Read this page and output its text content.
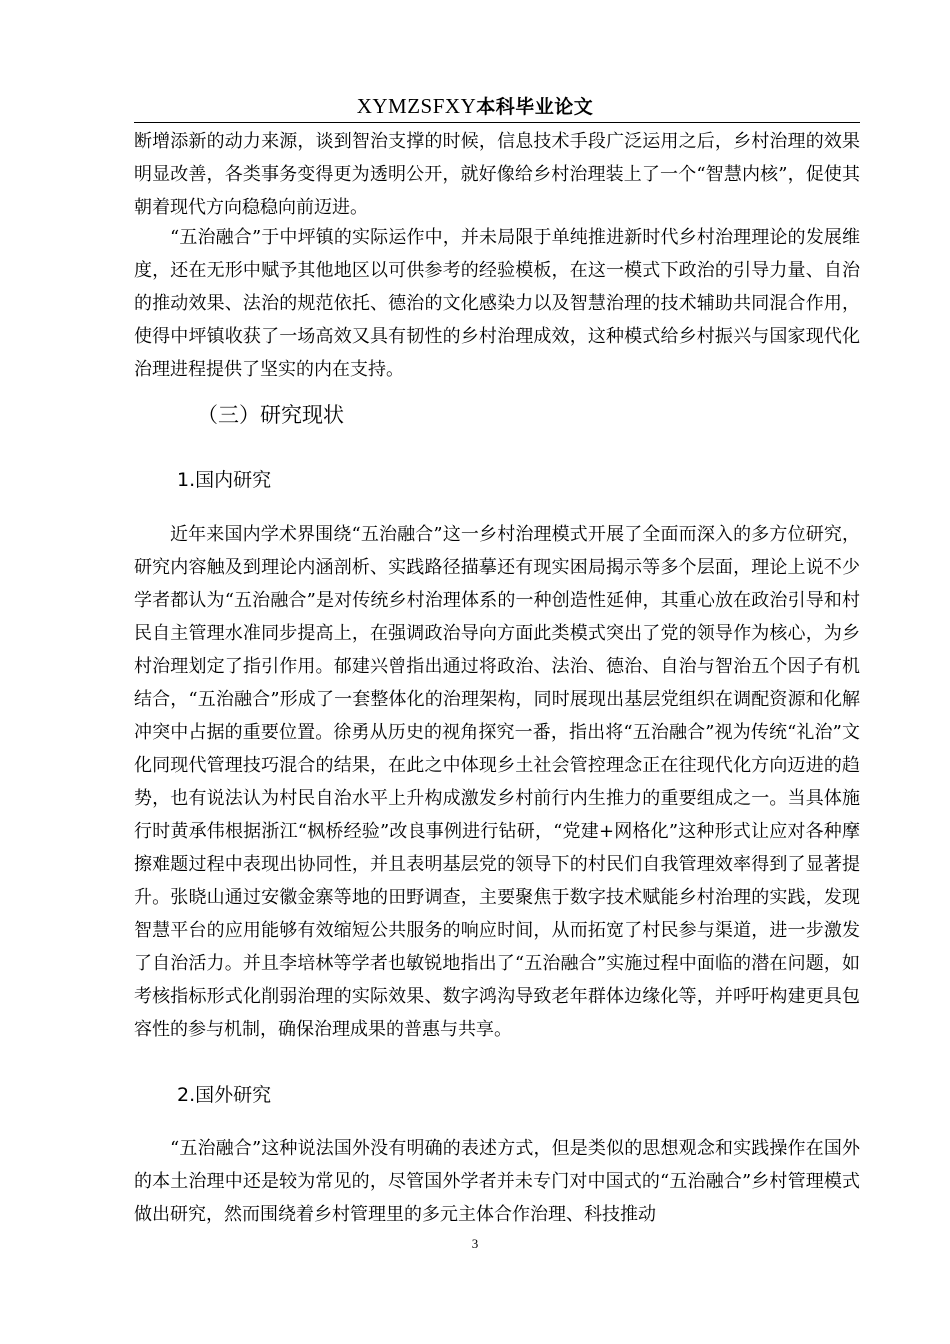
XYMZSFXY本科毕业论文

断增添新的动力来源，谈到智治支撑的时候，信息技术手段广泛运用之后，乡村治理的效果明显改善，各类事务变得更为透明公开，就好像给乡村治理装上了一个“智慧内核”，促使其朝着现代方向稳稳向前迈进。

“五治融合”于中坪镇的实际运作中，并未局限于单纯推进新时代乡村治理理论的发展维度，还在无形中赋予其他地区以可供参考的经验模板，在这一模式下政治的引导力量、自治的推动效果、法治的规范依托、德治的文化感染力以及智慧治理的技术辅助共同混合作用，使得中坪镇收获了一场高效又具有韧性的乡村治理成效，这种模式给乡村振兴与国家现代化治理进程提供了坚实的内在支持。

（三）研究现状
1.国内研究

近年来国内学术界围绕“五治融合”这一乡村治理模式开展了全面而深入的多方位研究，研究内容触及到理论内涵剖析、实践路径描摹还有现实困局揭示等多个层面，理论上说不少学者都认为“五治融合”是对传统乡村治理体系的一种创造性延伸，其重心放在政治引导和村民自主管理水准同步提高上，在强调政治导向方面此类模式突出了党的领导作为核心，为乡村治理划定了指引作用。郁建兴曾指出通过将政治、法治、德治、自治与智治五个因子有机结合，“五治融合”形成了一套整体化的治理架构，同时展现出基层党组织在调配资源和化解冲突中占据的重要位置。徐勇从历史的视角探究一番，指出将“五治融合”视为传统“礼治”文化同现代管理技巧混合的结果，在此之中体现乡土社会管控理念正在往现代化方向迈进的趋势，也有说法认为村民自治水平上升构成激发乡村前行内生推力的重要组成之一。当具体施行时黄承伟根据浙江“枫桥经验”改良事例进行钻研，“党建+网格化”这种形式让应对各种摩擦难题过程中表现出协同性，并且表明基层党的领导下的村民们自我管理效率得到了显著提升。张晓山通过安徽金寨等地的田野调查，主要聚焦于数字技术赋能乡村治理的实践，发现智慧平台的应用能够有效缩短公共服务的响应时间，从而拓宽了村民参与渠道，进一步激发了自治活力。并且李培林等学者也敏锐地指出了“五治融合”实施过程中面临的潜在问题，如考核指标形式化削弱治理的实际效果、数字鸿沟导致老年群体边缘化等，并呼吁构建更具包容性的参与机制，确保治理成果的普惠与共享。

2.国外研究

“五治融合”这种说法国外没有明确的表述方式，但是类似的思想观念和实践操作在国外的本土治理中还是较为常见的，尽管国外学者并未专门对中国式的“五治融合”乡村管理模式做出研究，然而围绕着乡村管理里的多元主体合作治理、科技推动

3
